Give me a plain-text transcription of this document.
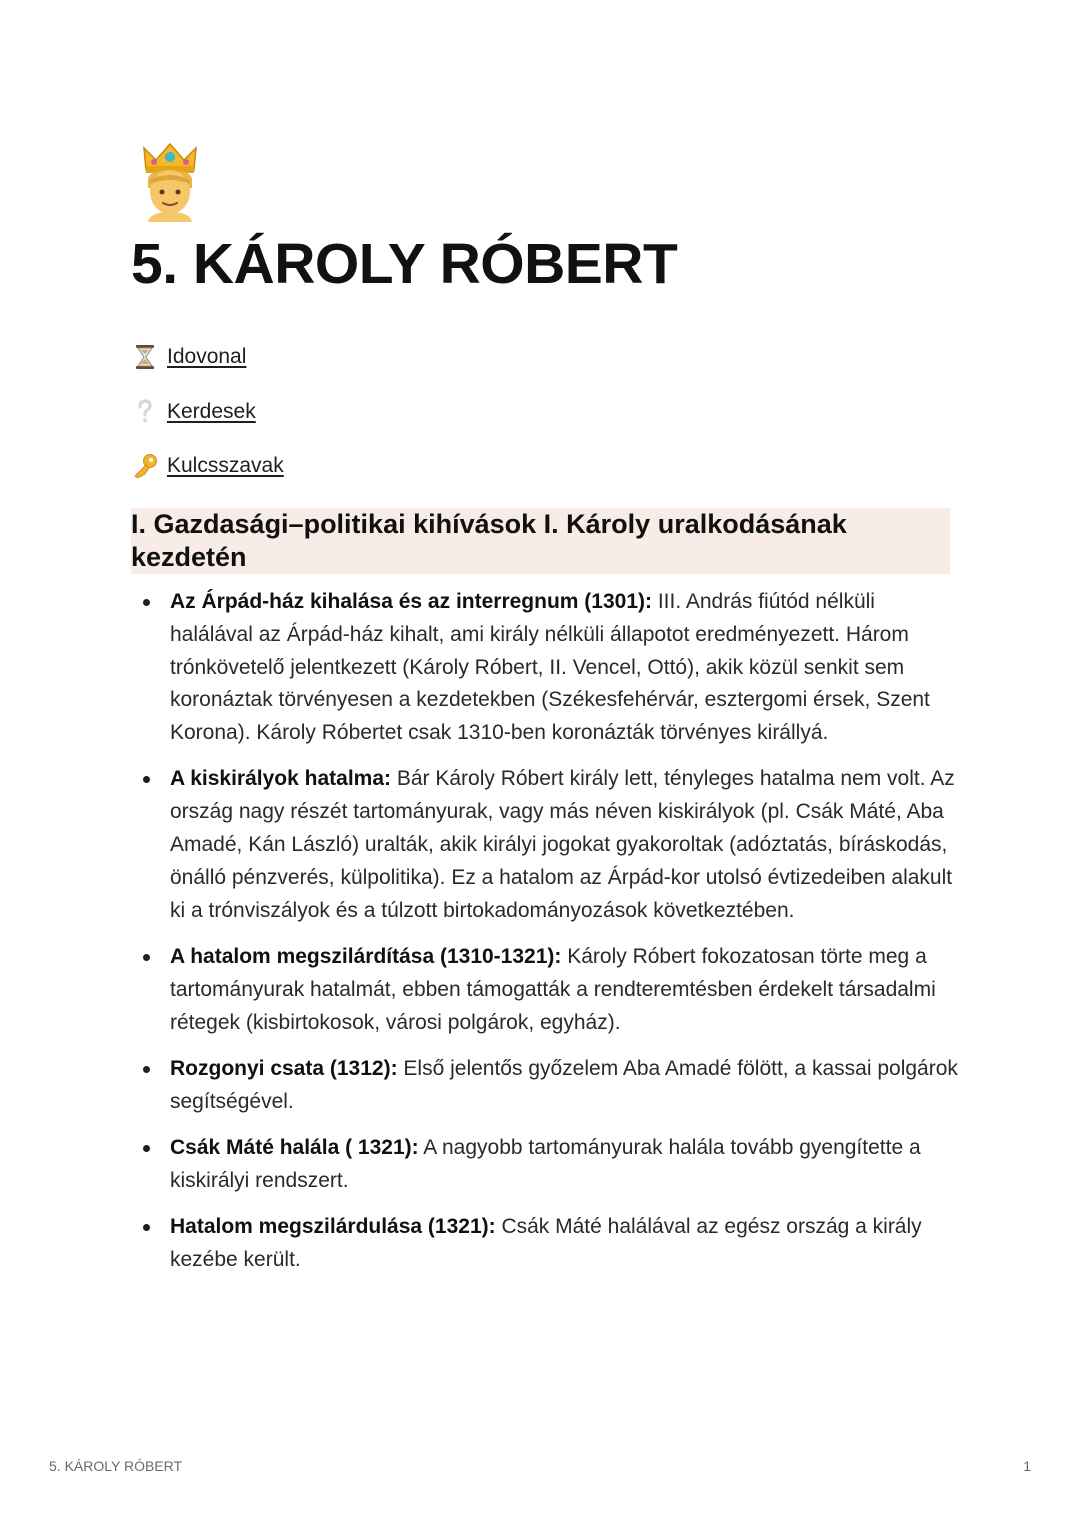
5. KÁROLY RÓBERT
Idovonal
Kerdesek
Kulcsszavak
I. Gazdasági–politikai kihívások I. Károly uralkodásának kezdetén
Az Árpád-ház kihalása és az interregnum (1301): III. András fiútód nélküli halálával az Árpád-ház kihalt, ami király nélküli állapotot eredményezett. Három trónkövetelő jelentkezett (Károly Róbert, II. Vencel, Ottó), akik közül senkit sem koronáztak törvényesen a kezdetekben (Székesfehérvár, esztergomi érsek, Szent Korona). Károly Róbertet csak 1310-ben koronázták törvényes királlyá.
A kiskirályok hatalma: Bár Károly Róbert király lett, tényleges hatalma nem volt. Az ország nagy részét tartományurak, vagy más néven kiskirályok (pl. Csák Máté, Aba Amadé, Kán László) uralták, akik királyi jogokat gyakoroltak (adóztatás, bíráskodás, önálló pénzverés, külpolitika). Ez a hatalom az Árpád-kor utolsó évtizedeiben alakult ki a trónviszályok és a túlzott birtokadományozások következtében.
A hatalom megszilárdítása (1310-1321): Károly Róbert fokozatosan törte meg a tartományurak hatalmát, ebben támogatták a rendteremtésben érdekelt társadalmi rétegek (kisbirtokosok, városi polgárok, egyház).
Rozgonyi csata (1312): Első jelentős győzelem Aba Amadé fölött, a kassai polgárok segítségével.
Csák Máté halála ( 1321): A nagyobb tartományurak halála tovább gyengítette a kiskirályi rendszert.
Hatalom megszilárdulása (1321): Csák Máté halálával az egész ország a király kezébe került.
5. KÁROLY RÓBERT	1
